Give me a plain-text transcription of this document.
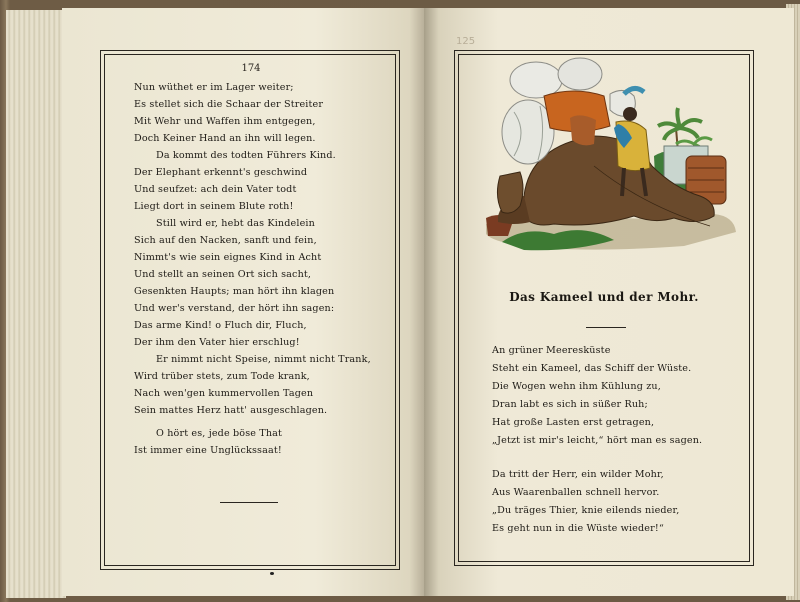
174
Nun wüthet er im Lager weiter;
Es stellet sich die Schaar der Streiter
Mit Wehr und Waffen ihm entgegen,
Doch Keiner Hand an ihn will legen.
Da kommt des todten Führers Kind.
Der Elephant erkennt's geschwind
Und seufzet: ach dein Vater todt
Liegt dort in seinem Blute roth!
Still wird er, hebt das Kindelein
Sich auf den Nacken, sanft und fein,
Nimmt's wie sein eignes Kind in Acht
Und stellt an seinen Ort sich sacht,
Gesenkten Haupts; man hört ihn klagen
Und wer's verstand, der hört ihn sagen:
Das arme Kind! o Fluch dir, Fluch,
Der ihm den Vater hier erschlug!
Er nimmt nicht Speise, nimmt nicht Trank,
Wird trüber stets, zum Tode krank,
Nach wen'gen kummervollen Tagen
Sein mattes Herz hatt' ausgeschlagen.
O hört es, jede böse That
Ist immer eine Unglückssaat!
125
Das Kameel und der Mohr.
An grüner Meeresküste
Steht ein Kameel, das Schiff der Wüste.
Die Wogen wehn ihm Kühlung zu,
Dran labt es sich in süßer Ruh;
Hat große Lasten erst getragen,
„Jetzt ist mir's leicht,“ hört man es sagen.
Da tritt der Herr, ein wilder Mohr,
Aus Waarenballen schnell hervor.
„Du träges Thier, knie eilends nieder,
Es geht nun in die Wüste wieder!“
